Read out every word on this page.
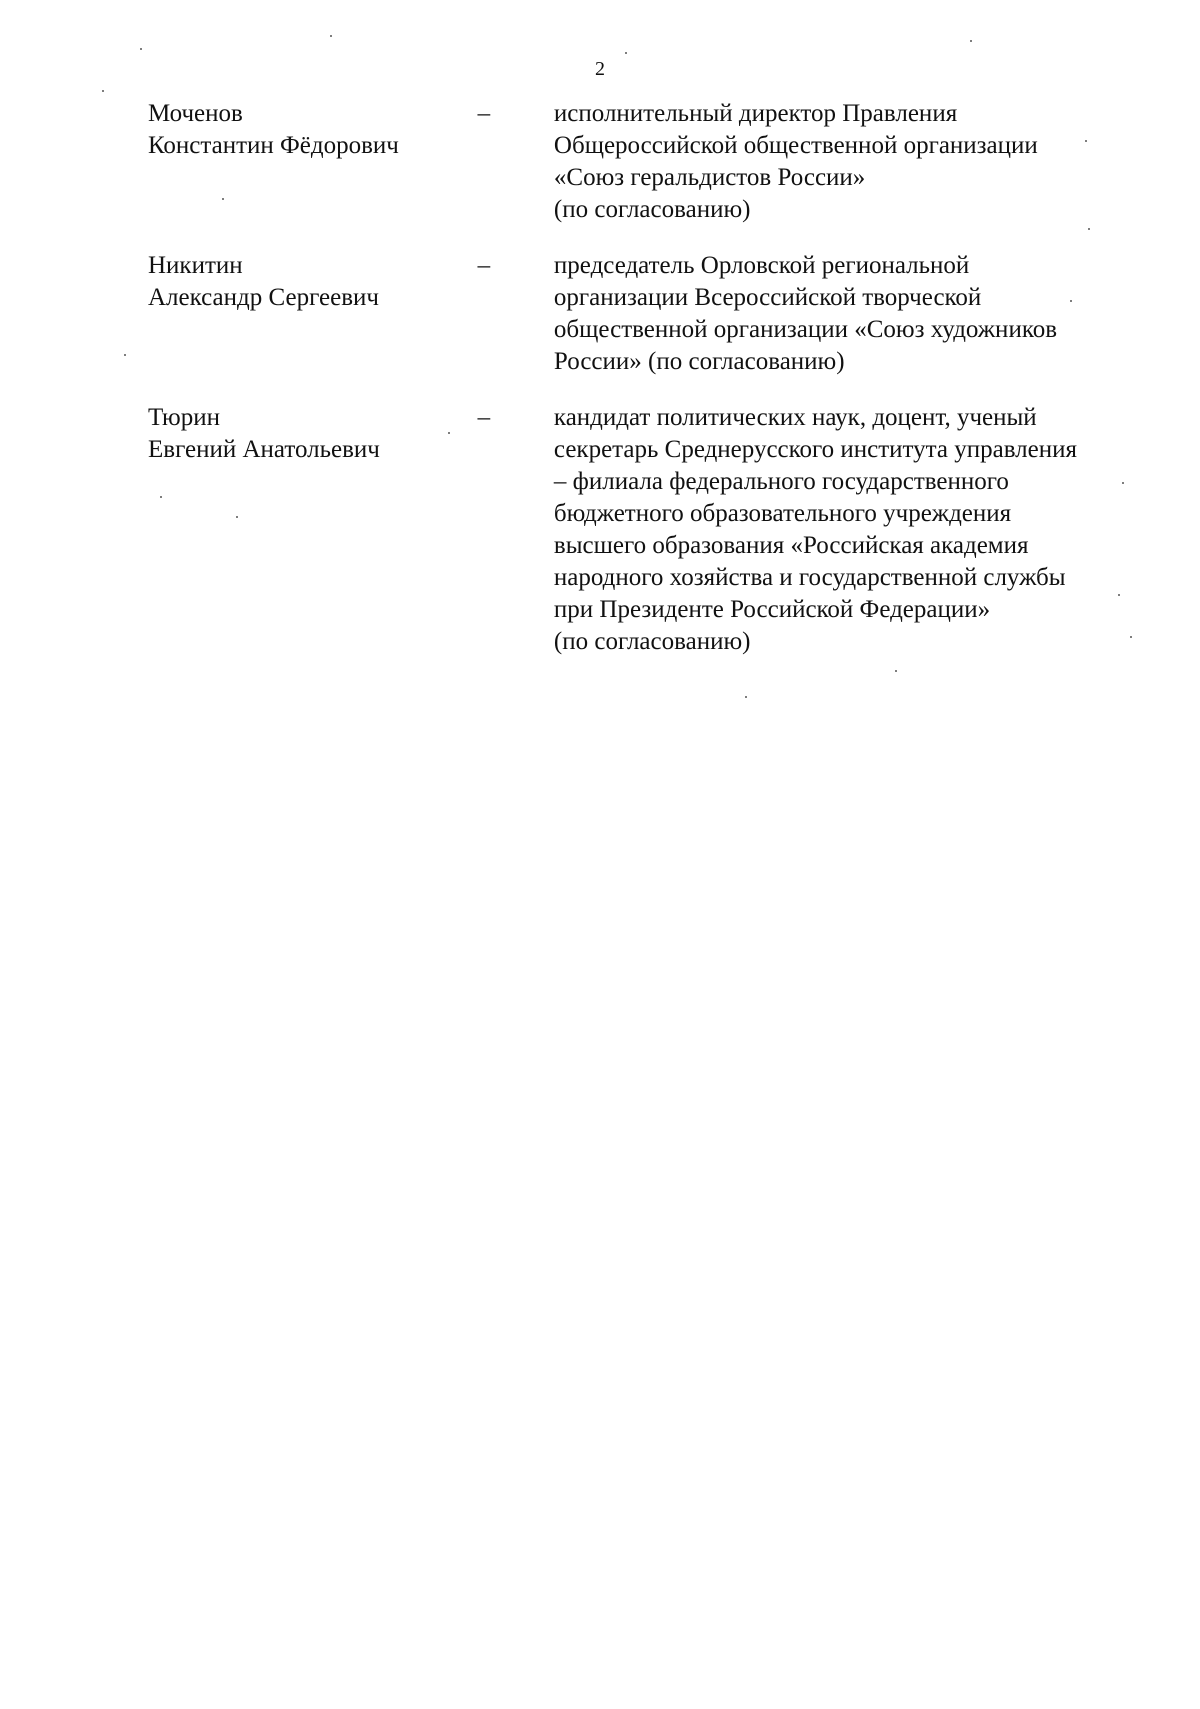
2
Моченов
Константин Фёдорович
–	исполнительный директор Правления
Общероссийской общественной организации
«Союз геральдистов России»
(по согласованию)
Никитин
Александр Сергеевич
–	председатель Орловской региональной
организации Всероссийской творческой
общественной организации «Союз художников
России» (по согласованию)
Тюрин
Евгений Анатольевич
–	кандидат политических наук, доцент, ученый
секретарь Среднерусского института управления
– филиала федерального государственного
бюджетного образовательного учреждения
высшего образования «Российская академия
народного хозяйства и государственной службы
при Президенте Российской Федерации»
(по согласованию)
